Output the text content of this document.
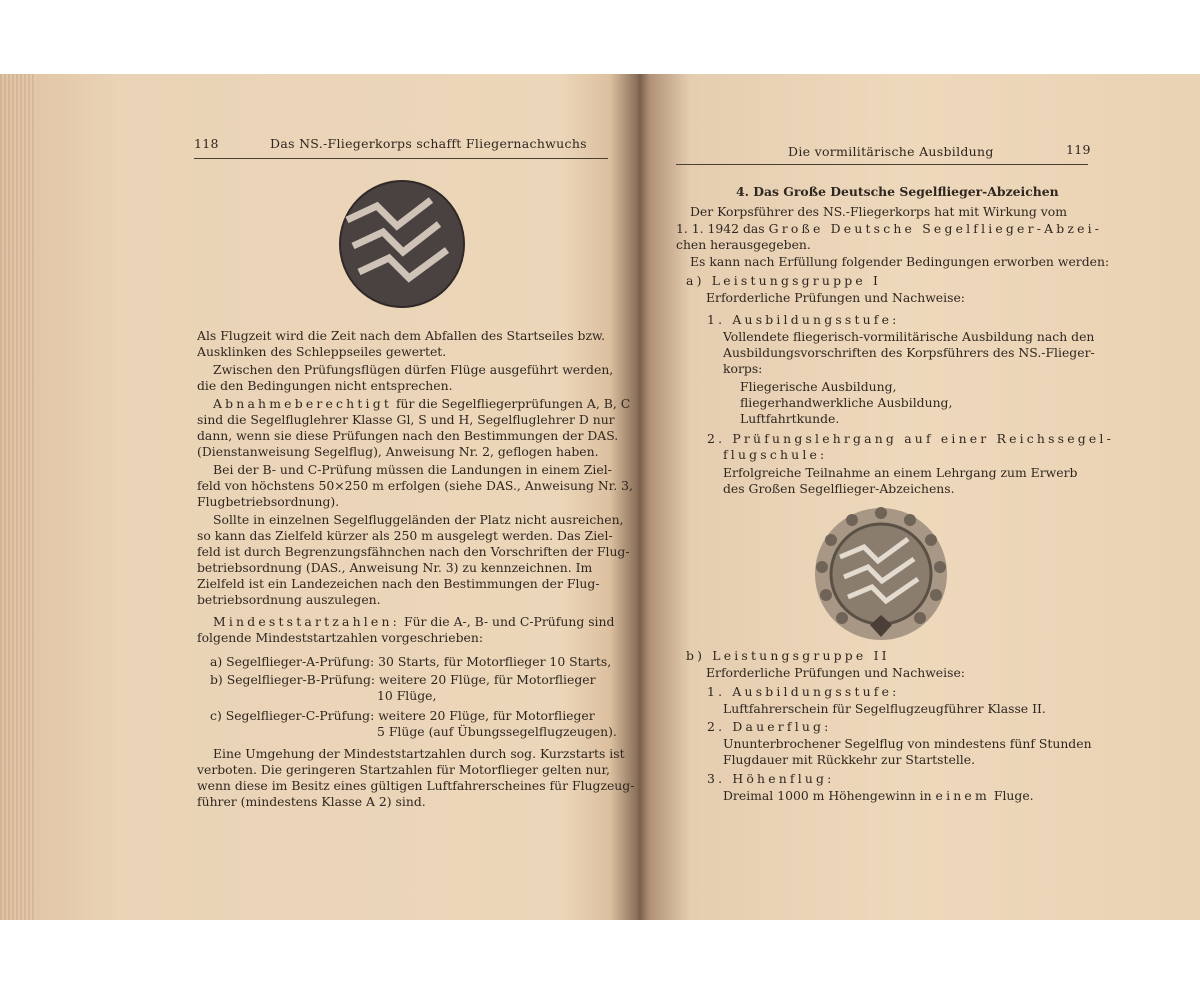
118	Das NS.-Fliegerkorps schafft Fliegernachwuchs

Als Flugzeit wird die Zeit nach dem Abfallen des Startseiles bzw.

Ausklinken des Schleppseiles gewertet.

Zwischen den Prüfungsflügen dürfen Flüge ausgeführt werden,

die den Bedingungen nicht entsprechen.

Abnahmeberechtigt für die Segelfliegerprüfungen A, B, C

sind die Segelfluglehrer Klasse Gl, S und H, Segelfluglehrer D nur

dann, wenn sie diese Prüfungen nach den Bestimmungen der DAS.

(Dienstanweisung Segelflug), Anweisung Nr. 2, geflogen haben.

Bei der B- und C-Prüfung müssen die Landungen in einem Ziel-

feld von höchstens 50×250 m erfolgen (siehe DAS., Anweisung Nr. 3,

Flugbetriebsordnung).

Sollte in einzelnen Segelfluggeländen der Platz nicht ausreichen,

so kann das Zielfeld kürzer als 250 m ausgelegt werden. Das Ziel-

feld ist durch Begrenzungsfähnchen nach den Vorschriften der Flug-

betriebsordnung (DAS., Anweisung Nr. 3) zu kennzeichnen. Im

Zielfeld ist ein Landezeichen nach den Bestimmungen der Flug-

betriebsordnung auszulegen.

Mindeststartzahlen: Für die A-, B- und C-Prüfung sind

folgende Mindeststartzahlen vorgeschrieben:

a) Segelflieger-A-Prüfung: 30 Starts, für Motorflieger 10 Starts,

b) Segelflieger-B-Prüfung: weitere 20 Flüge, für Motorflieger

10 Flüge,

c) Segelflieger-C-Prüfung: weitere 20 Flüge, für Motorflieger

5 Flüge (auf Übungssegelflugzeugen).

Eine Umgehung der Mindeststartzahlen durch sog. Kurzstarts ist

verboten. Die geringeren Startzahlen für Motorflieger gelten nur,

wenn diese im Besitz eines gültigen Luftfahrerscheines für Flugzeug-

führer (mindestens Klasse A 2) sind.

Die vormilitärische Ausbildung	119

4. Das Große Deutsche Segelflieger-Abzeichen

Der Korpsführer des NS.-Fliegerkorps hat mit Wirkung vom

1. 1. 1942 das Große Deutsche Segelflieger-Abzei-

chen herausgegeben.

Es kann nach Erfüllung folgender Bedingungen erworben werden:

a) Leistungsgruppe I

Erforderliche Prüfungen und Nachweise:

1. Ausbildungsstufe:

Vollendete fliegerisch-vormilitärische Ausbildung nach den

Ausbildungsvorschriften des Korpsführers des NS.-Flieger-

korps:

Fliegerische Ausbildung,

fliegerhandwerkliche Ausbildung,

Luftfahrtkunde.

2. Prüfungslehrgang auf einer Reichssegel-

flugschule:

Erfolgreiche Teilnahme an einem Lehrgang zum Erwerb

des Großen Segelflieger-Abzeichens.

b) Leistungsgruppe II

Erforderliche Prüfungen und Nachweise:

1. Ausbildungsstufe:

Luftfahrerschein für Segelflugzeugführer Klasse II.

2. Dauerflug:

Ununterbrochener Segelflug von mindestens fünf Stunden

Flugdauer mit Rückkehr zur Startstelle.

3. Höhenflug:

Dreimal 1000 m Höhengewinn in einem Fluge.
